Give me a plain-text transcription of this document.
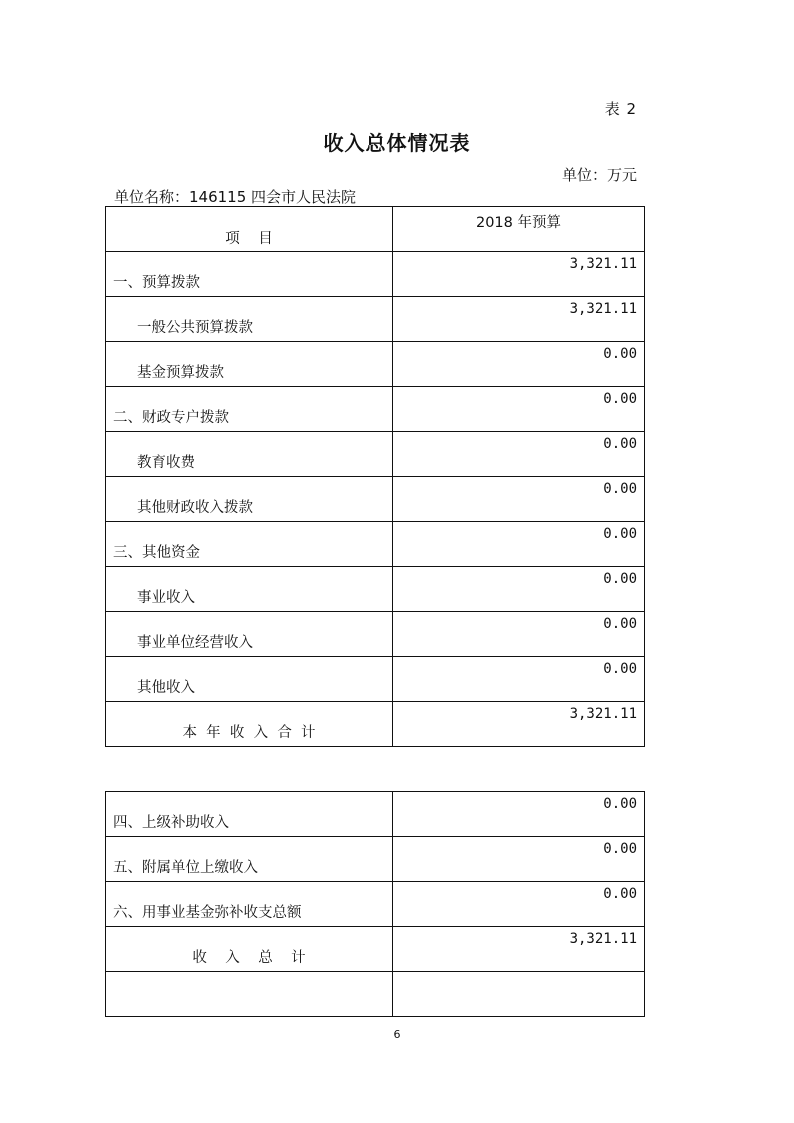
表 2
收入总体情况表
单位：万元
单位名称：146115 四会市人民法院
项    目	2018 年预算

一、预算拨款	3,321.11

一般公共预算拨款	3,321.11

基金预算拨款	0.00

二、财政专户拨款	0.00

教育收费	0.00

其他财政收入拨款	0.00

三、其他资金	0.00

事业收入	0.00

事业单位经营收入	0.00

其他收入	0.00

本  年  收  入  合  计	3,321.11
四、上级补助收入	0.00

五、附属单位上缴收入	0.00

六、用事业基金弥补收支总额	0.00

收    入    总    计	3,321.11

6
